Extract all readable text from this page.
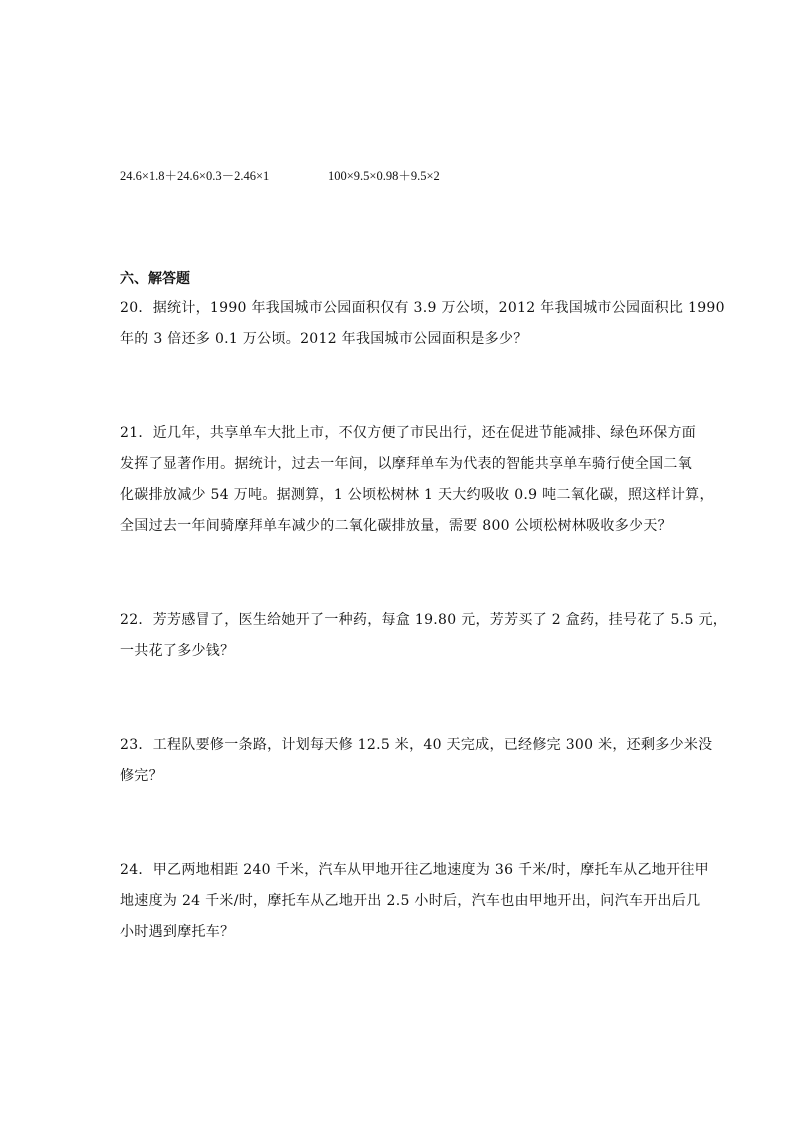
24.6×1.8＋24.6×0.3－2.46×1	100×9.5×0.98＋9.5×2
六、解答题
20．据统计，1990 年我国城市公园面积仅有 3.9 万公顷，2012 年我国城市公园面积比 1990
年的 3 倍还多 0.1 万公顷。2012 年我国城市公园面积是多少？
21．近几年，共享单车大批上市，不仅方便了市民出行，还在促进节能减排、绿色环保方面
发挥了显著作用。据统计，过去一年间，以摩拜单车为代表的智能共享单车骑行使全国二氧
化碳排放减少 54 万吨。据测算，1 公顷松树林 1 天大约吸收 0.9 吨二氧化碳，照这样计算，
全国过去一年间骑摩拜单车减少的二氧化碳排放量，需要 800 公顷松树林吸收多少天？
22．芳芳感冒了，医生给她开了一种药，每盒 19.80 元，芳芳买了 2 盒药，挂号花了 5.5 元，
一共花了多少钱？
23．工程队要修一条路，计划每天修 12.5 米，40 天完成，已经修完 300 米，还剩多少米没
修完？
24．甲乙两地相距 240 千米，汽车从甲地开往乙地速度为 36 千米/时，摩托车从乙地开往甲
地速度为 24 千米/时，摩托车从乙地开出 2.5 小时后，汽车也由甲地开出，问汽车开出后几
小时遇到摩托车？
